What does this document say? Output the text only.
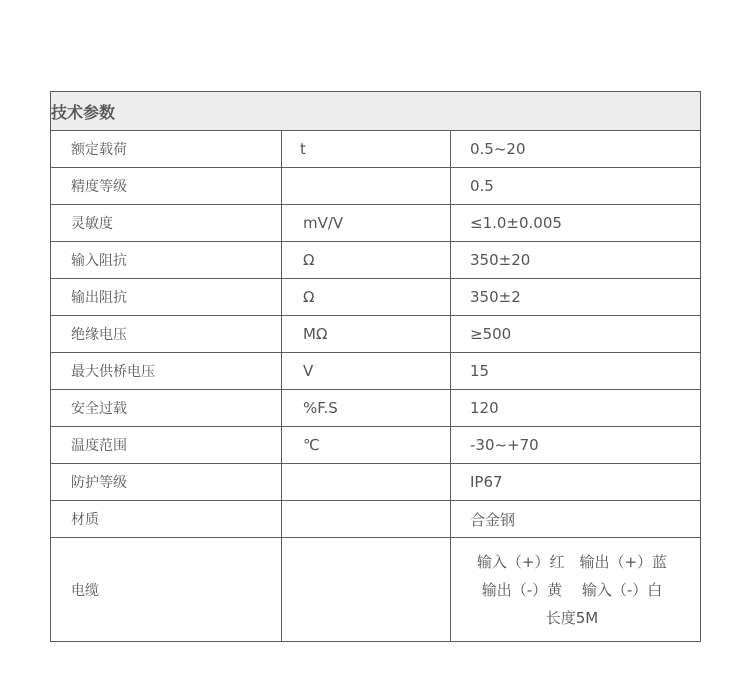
技术参数		
额定载荷	t	0.5~20
精度等级		0.5
灵敏度	mV/V	≤1.0±0.005
输入阻抗	Ω	350±20
输出阻抗	Ω	350±2
绝缘电压	MΩ	≥500
最大供桥电压	V	15
安全过载	%F.S	120
温度范围	℃	-30~+70
防护等级		IP67
材质		合金钢
电缆		输入（+）红　输出（+）蓝
输出（-）黄　 输入（-）白
长度5M
